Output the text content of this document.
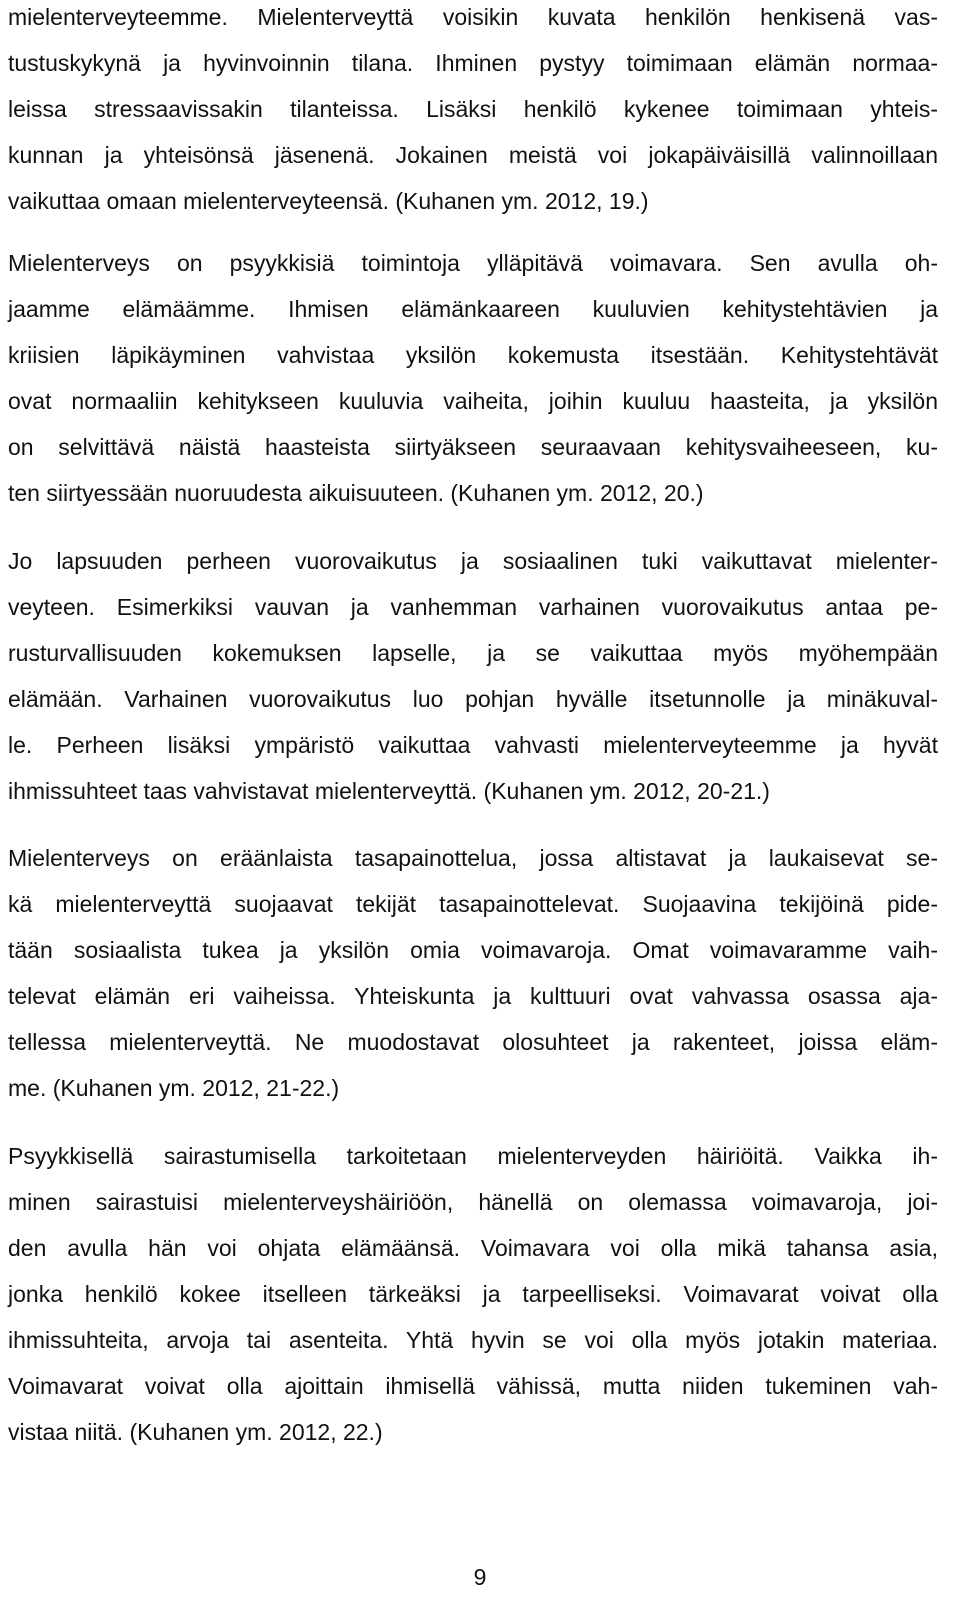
mielenterveyteemme. Mielenterveyttä voisikin kuvata henkilön henkisenä vas-
tustuskykynä ja hyvinvoinnin tilana. Ihminen pystyy toimimaan elämän normaa-
leissa stressaavissakin tilanteissa. Lisäksi henkilö kykenee toimimaan yhteis-
kunnan ja yhteisönsä jäsenenä. Jokainen meistä voi jokapäiväisillä valinnoillaan
vaikuttaa omaan mielenterveyteensä. (Kuhanen ym. 2012, 19.)
Mielenterveys on psyykkisiä toimintoja ylläpitävä voimavara. Sen avulla oh-
jaamme elämäämme. Ihmisen elämänkaareen kuuluvien kehitystehtävien ja
kriisien läpikäyminen vahvistaa yksilön kokemusta itsestään. Kehitystehtävät
ovat normaaliin kehitykseen kuuluvia vaiheita, joihin kuuluu haasteita, ja yksilön
on selvittävä näistä haasteista siirtyäkseen seuraavaan kehitysvaiheeseen, ku-
ten siirtyessään nuoruudesta aikuisuuteen. (Kuhanen ym. 2012, 20.)
Jo lapsuuden perheen vuorovaikutus ja sosiaalinen tuki vaikuttavat mielenter-
veyteen. Esimerkiksi vauvan ja vanhemman varhainen vuorovaikutus antaa pe-
rusturvallisuuden kokemuksen lapselle, ja se vaikuttaa myös myöhempään
elämään. Varhainen vuorovaikutus luo pohjan hyvälle itsetunnolle ja minäkuval-
le. Perheen lisäksi ympäristö vaikuttaa vahvasti mielenterveyteemme ja hyvät
ihmissuhteet taas vahvistavat mielenterveyttä. (Kuhanen ym. 2012, 20-21.)
Mielenterveys on eräänlaista tasapainottelua, jossa altistavat ja laukaisevat se-
kä mielenterveyttä suojaavat tekijät tasapainottelevat. Suojaavina tekijöinä pide-
tään sosiaalista tukea ja yksilön omia voimavaroja. Omat voimavaramme vaih-
televat elämän eri vaiheissa. Yhteiskunta ja kulttuuri ovat vahvassa osassa aja-
tellessa mielenterveyttä. Ne muodostavat olosuhteet ja rakenteet, joissa eläm-
me. (Kuhanen ym. 2012, 21-22.)
Psyykkisellä sairastumisella tarkoitetaan mielenterveyden häiriöitä. Vaikka ih-
minen sairastuisi mielenterveyshäiriöön, hänellä on olemassa voimavaroja, joi-
den avulla hän voi ohjata elämäänsä. Voimavara voi olla mikä tahansa asia,
jonka henkilö kokee itselleen tärkeäksi ja tarpeelliseksi. Voimavarat voivat olla
ihmissuhteita, arvoja tai asenteita. Yhtä hyvin se voi olla myös jotakin materiaa.
Voimavarat voivat olla ajoittain ihmisellä vähissä, mutta niiden tukeminen vah-
vistaa niitä. (Kuhanen ym. 2012, 22.)
9
